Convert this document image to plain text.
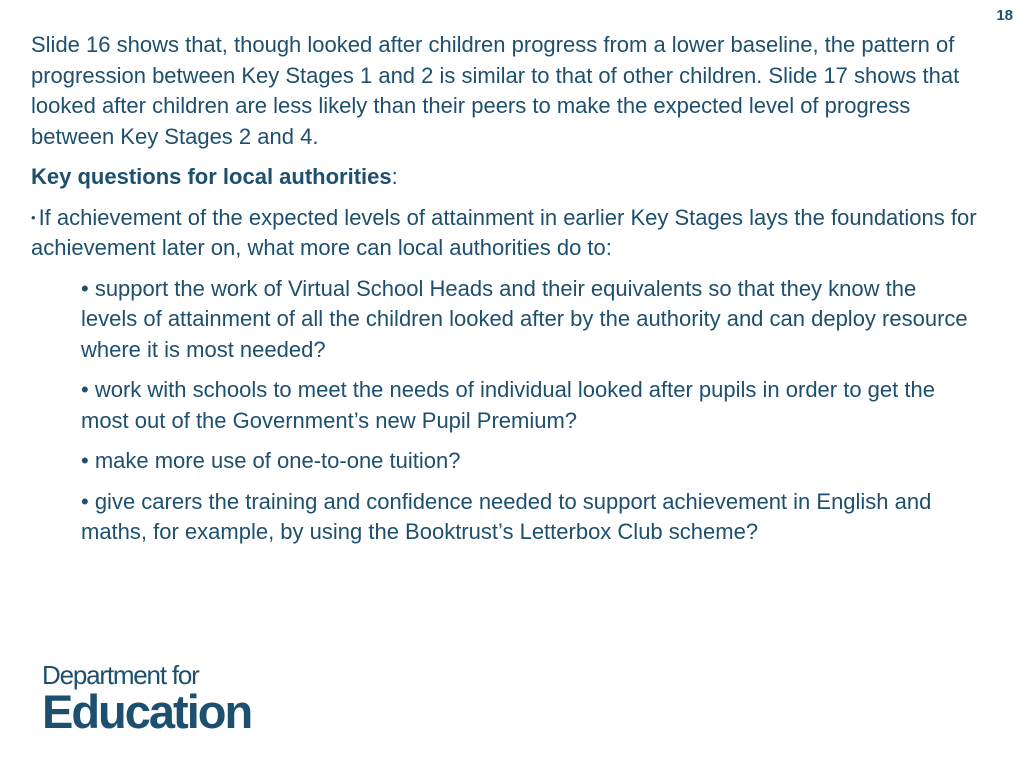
18

Slide 16 shows that, though looked after children progress from a lower baseline, the pattern of progression between Key Stages 1 and 2 is similar to that of other children. Slide 17 shows that looked after children are less likely than their peers to make the expected level of progress between Key Stages 2 and 4.

Key questions for local authorities:

• If achievement of the expected levels of attainment in earlier Key Stages lays the foundations for achievement later on, what more can local authorities do to:

• support the work of Virtual School Heads and their equivalents so that they know the levels of attainment of all the children looked after by the authority and can deploy resource where it is most needed?

• work with schools to meet the needs of individual looked after pupils in order to get the most out of the Government’s new Pupil Premium?

• make more use of one-to-one tuition?

• give carers the training and confidence needed to support achievement in English and maths, for example, by using the Booktrust’s Letterbox Club scheme?

Department for
Education
